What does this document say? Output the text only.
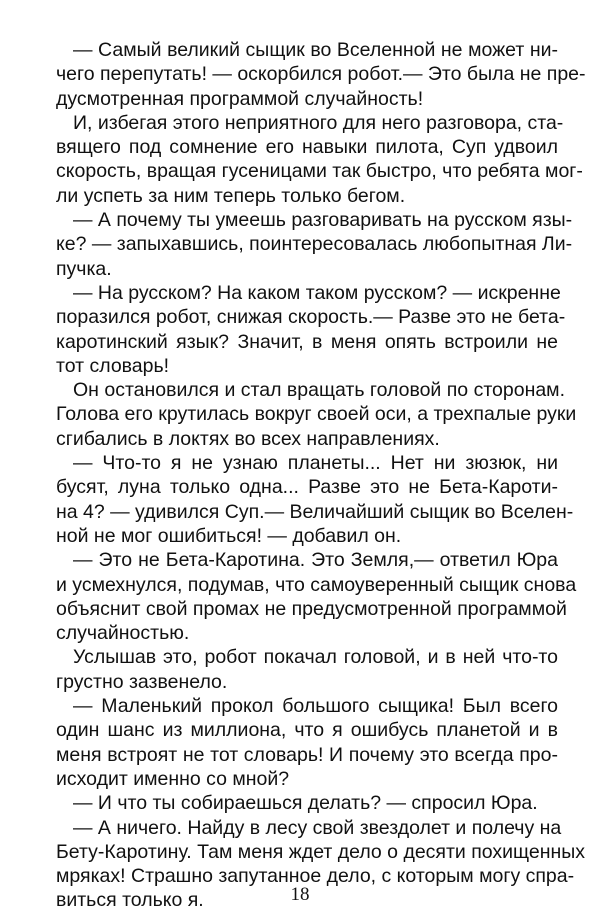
— Самый великий сыщик во Вселенной не может ни-
чего перепутать! — оскорбился робот.— Это была не пре-
дусмотренная программой случайность!
И, избегая этого неприятного для него разговора, ста-
вящего под сомнение его навыки пилота, Суп удвоил
скорость, вращая гусеницами так быстро, что ребята мог-
ли успеть за ним теперь только бегом.
— А почему ты умеешь разговаривать на русском язы-
ке? — запыхавшись, поинтересовалась любопытная Ли-
пучка.
— На русском? На каком таком русском? — искренне
поразился робот, снижая скорость.— Разве это не бета-
каротинский язык? Значит, в меня опять встроили не
тот словарь!
Он остановился и стал вращать головой по сторонам.
Голова его крутилась вокруг своей оси, а трехпалые руки
сгибались в локтях во всех направлениях.
— Что-то я не узнаю планеты... Нет ни зюзюк, ни
бусят, луна только одна... Разве это не Бета-Кароти-
на 4? — удивился Суп.— Величайший сыщик во Вселен-
ной не мог ошибиться! — добавил он.
— Это не Бета-Каротина. Это Земля,— ответил Юра
и усмехнулся, подумав, что самоуверенный сыщик снова
объяснит свой промах не предусмотренной программой
случайностью.
Услышав это, робот покачал головой, и в ней что-то
грустно зазвенело.
— Маленький прокол большого сыщика! Был всего
один шанс из миллиона, что я ошибусь планетой и в
меня встроят не тот словарь! И почему это всегда про-
исходит именно со мной?
— И что ты собираешься делать? — спросил Юра.
— А ничего. Найду в лесу свой звездолет и полечу на
Бету-Каротину. Там меня ждет дело о десяти похищенных
мряках! Страшно запутанное дело, с которым могу спра-
виться только я.	18
